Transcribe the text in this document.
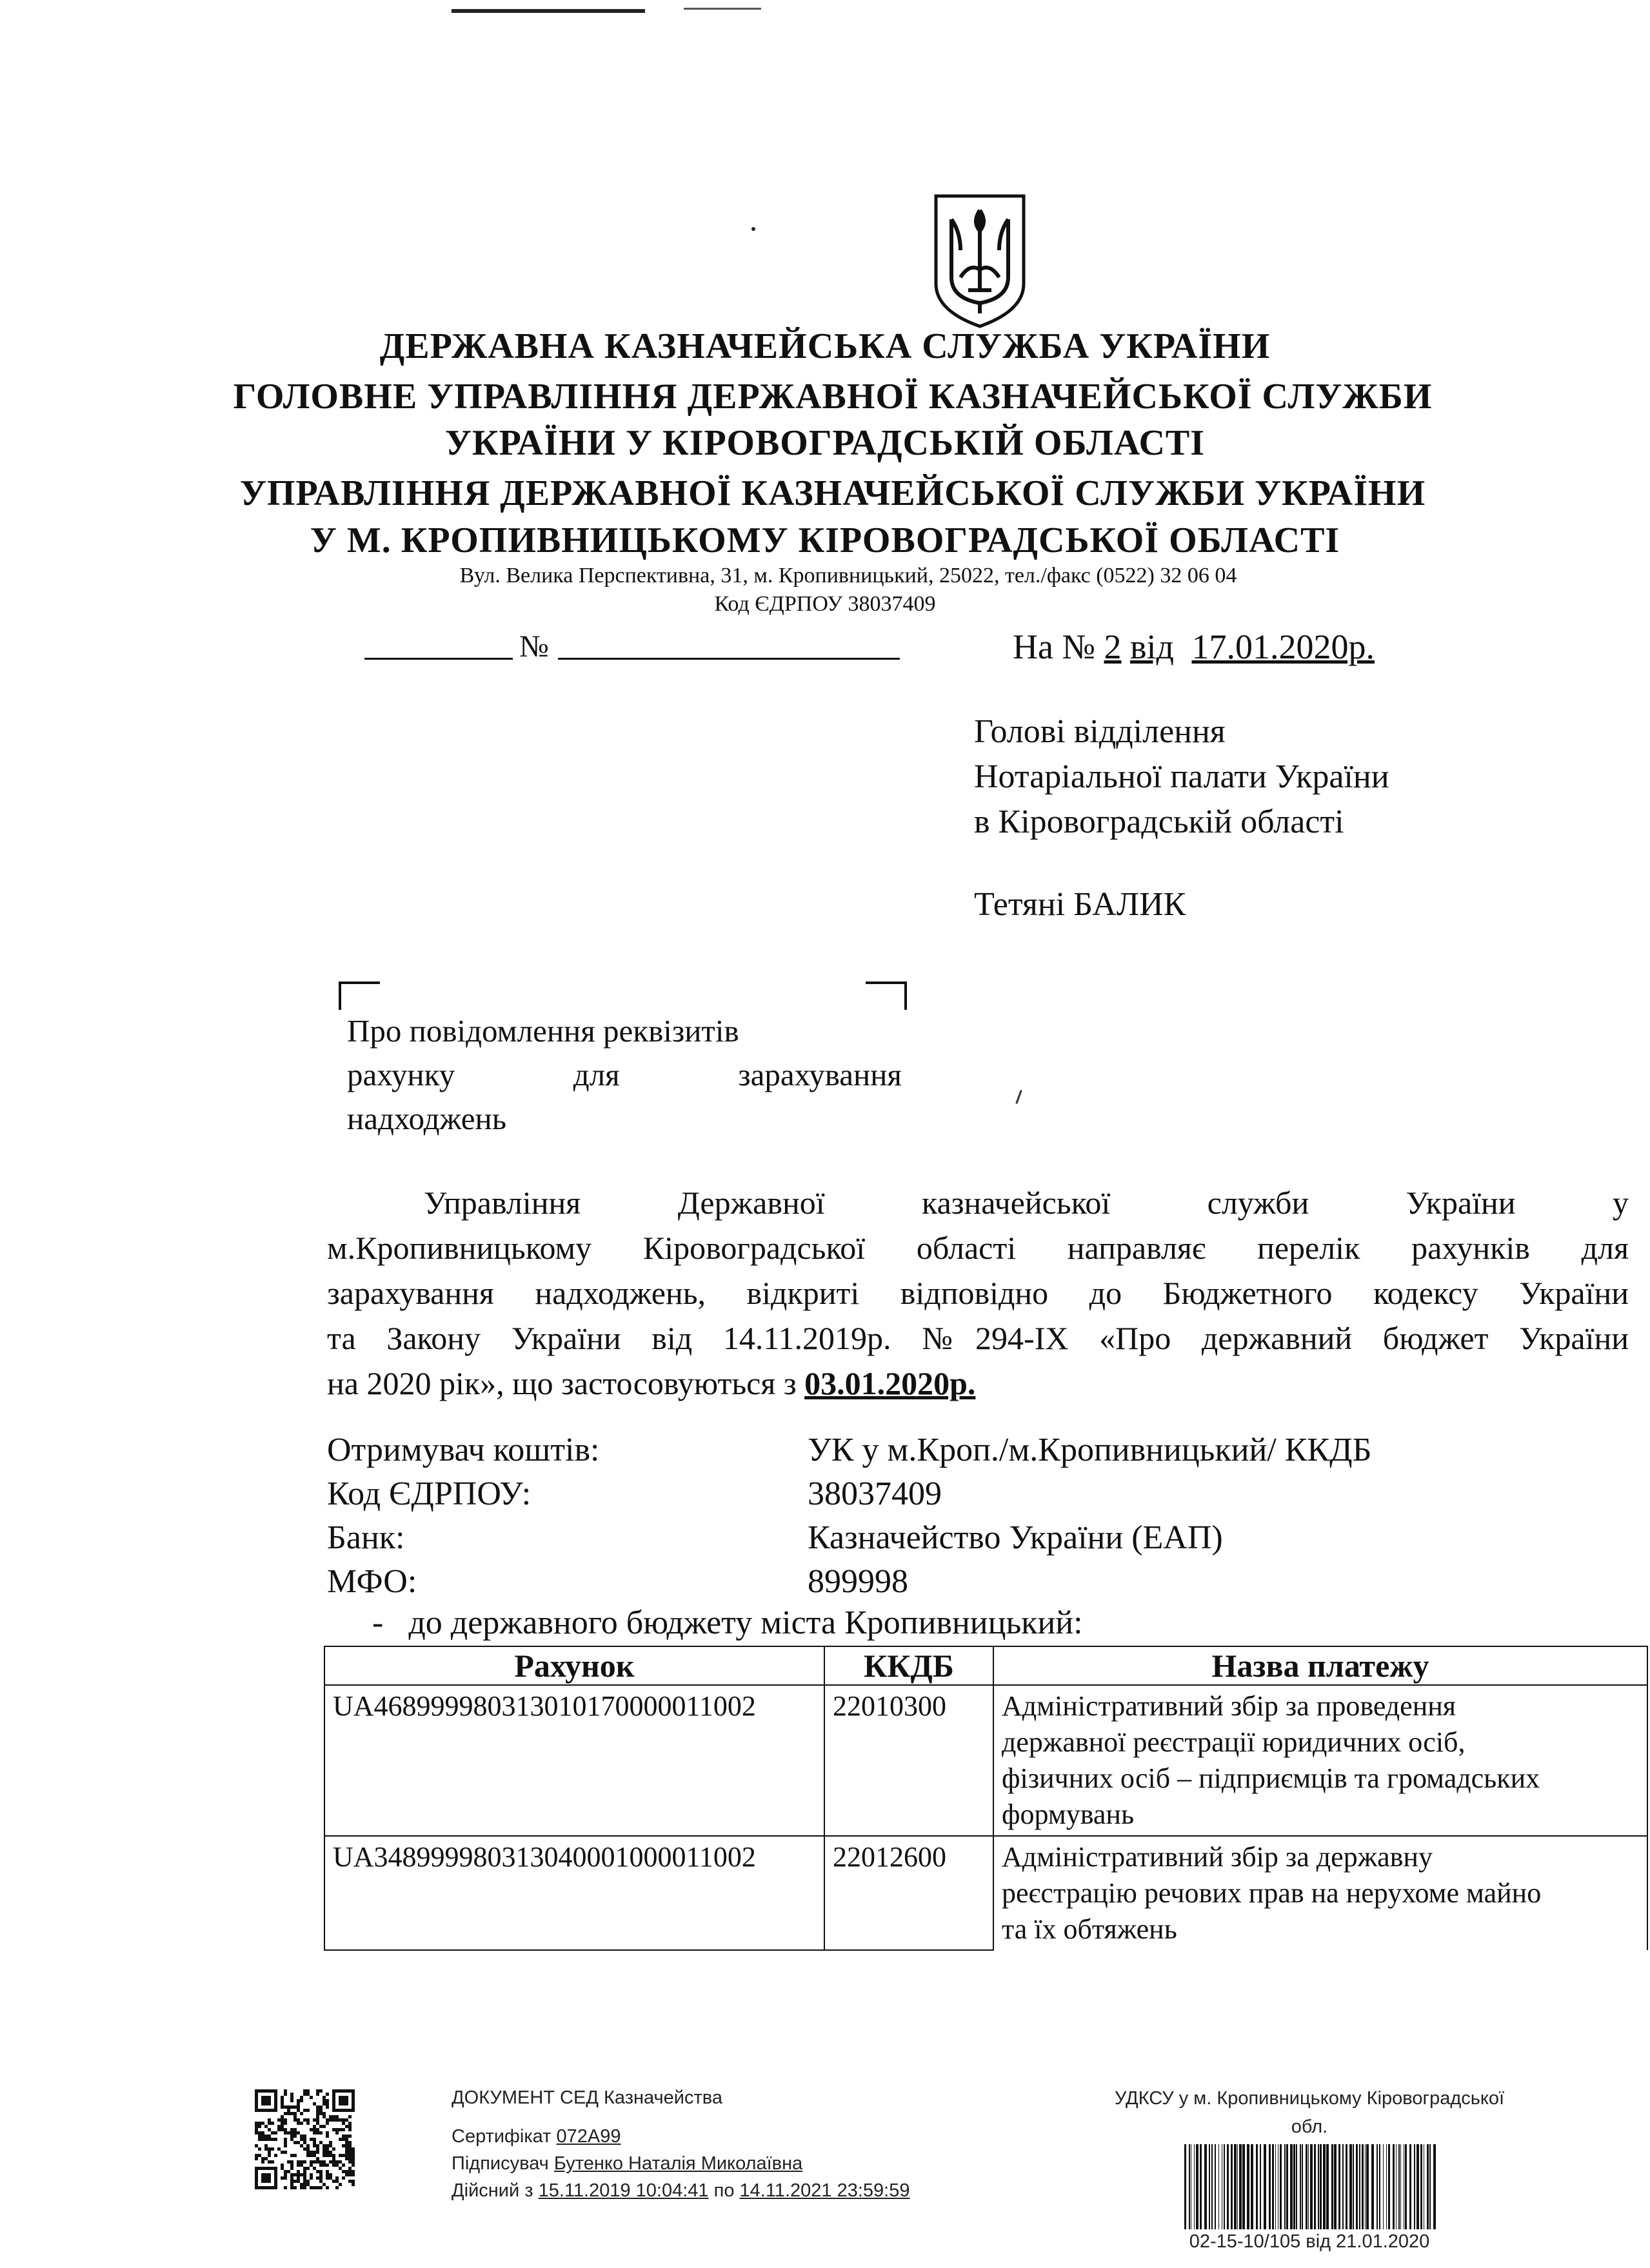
ДЕРЖАВНА КАЗНАЧЕЙСЬКА СЛУЖБА УКРАЇНИ
ГОЛОВНЕ УПРАВЛІННЯ ДЕРЖАВНОЇ КАЗНАЧЕЙСЬКОЇ СЛУЖБИ
УКРАЇНИ У КІРОВОГРАДСЬКІЙ ОБЛАСТІ
УПРАВЛІННЯ ДЕРЖАВНОЇ КАЗНАЧЕЙСЬКОЇ СЛУЖБИ УКРАЇНИ
У М. КРОПИВНИЦЬКОМУ КІРОВОГРАДСЬКОЇ ОБЛАСТІ
Вул. Велика Перспективна, 31, м. Кропивницький, 25022, тел./факс (0522) 32 06 04
Код ЄДРПОУ 38037409
№	На № 2 від 17.01.2020р.
Голові відділення
Нотаріальної палати України
в Кіровоградській області
Тетяні БАЛИК
Про повідомлення реквізитів
рахунку	для	зарахування
надходжень
Управління Державної казначейської служби України у
м.Кропивницькому Кіровоградської області направляє перелік рахунків для
зарахування надходжень, відкриті відповідно до Бюджетного кодексу України
та Закону України від 14.11.2019р. №294-ІХ «Про державний бюджет України
на 2020 рік», що застосовуються з 03.01.2020р.
Отримувач коштів:	УК у м.Кроп./м.Кропивницький/ ККДБ
Код ЄДРПОУ:	38037409
Банк:	Казначейство України (ЕАП)
МФО:	899998
-   до державного бюджету міста Кропивницький:
Рахунок	ККДБ	Назва платежу
UA468999980313010170000011002	22010300	Адміністративний збір за проведення
державної реєстрації юридичних осіб,
фізичних осіб – підприємців та громадських
формувань

UA348999980313040001000011002	22012600	Адміністративний збір за державну
реєстрацію речових прав на нерухоме майно
та їх обтяжень
ДОКУМЕНТ СЕД Казначейства
Сертифікат 072A99
Підписувач Бутенко Наталія Миколаївна
Дійсний з 15.11.2019 10:04:41 по 14.11.2021 23:59:59
УДКСУ у м. Кропивницькому Кіровоградської
обл.
02-15-10/105 від 21.01.2020
